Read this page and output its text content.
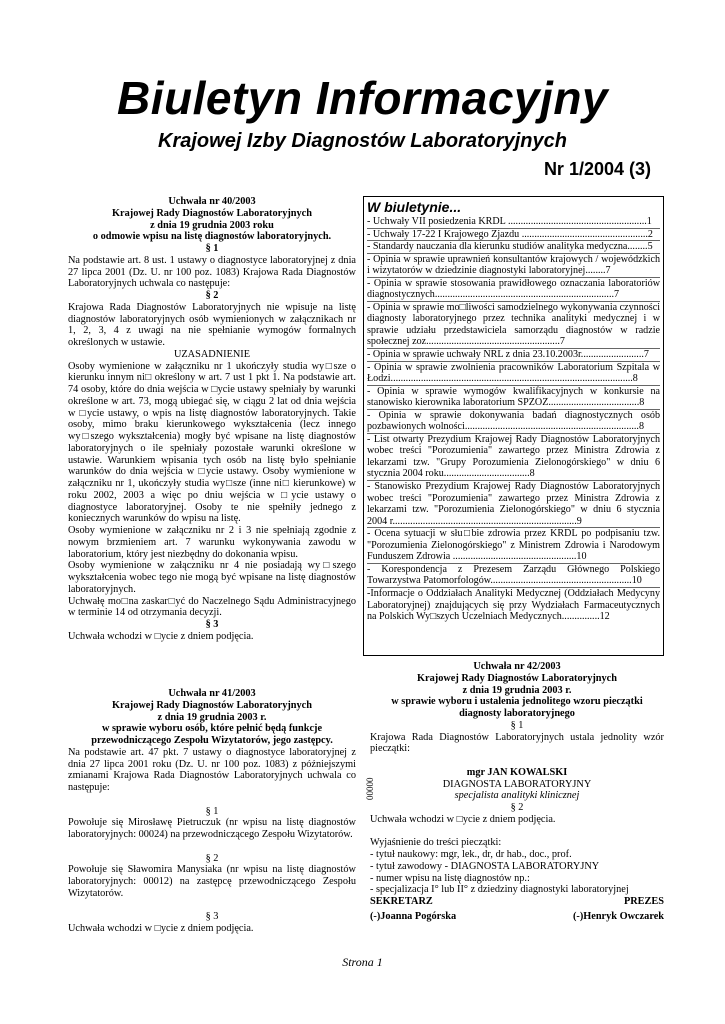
Biuletyn Informacyjny
Krajowej Izby Diagnostów Laboratoryjnych
Nr 1/2004 (3)

Uchwała nr 40/2003

Krajowej Rady Diagnostów Laboratoryjnych

z dnia 19 grudnia 2003 roku

o odmowie wpisu na listę diagnostów laboratoryjnych.

§ 1

Na podstawie art. 8 ust. 1 ustawy o diagnostyce laboratoryjnej z dnia 27 lipca 2001 (Dz. U. nr 100 poz. 1083) Krajowa Rada Diagnostów Laboratoryjnych uchwala co następuje:

§ 2

Krajowa Rada Diagnostów Laboratoryjnych nie wpisuje na listę diagnostów laboratoryjnych osób wymienionych w załącznikach nr 1, 2, 3, 4 z uwagi na nie spełnianie wymogów formalnych określonych w ustawie.

UZASADNIENIE

Osoby wymienione w załączniku nr 1 ukończyły studia wy□sze o kierunku innym ni□ określony w art. 7 ust 1 pkt 1. Na podstawie art. 74 osoby, które do dnia wejścia w □ycie ustawy spełniały by warunki określone w art. 73, mogą ubiegać się, w ciągu 2 lat od dnia wejścia w □ycie ustawy, o wpis na listę diagnostów laboratoryjnych. Takie osoby, mimo braku kierunkowego wykształcenia (lecz innego wy□szego wykształcenia) mogły być wpisane na listę diagnostów laboratoryjnych o ile spełniały pozostałe warunki określone w ustawie. Warunkiem wpisania tych osób na listę było spełnianie warunków do dnia wejścia w □ycie ustawy. Osoby wymienione w załączniku nr 1, ukończyły studia wy□sze (inne ni□ kierunkowe) w roku 2002, 2003 a więc po dniu wejścia w □ycie ustawy o diagnostyce laboratoryjnej. Osoby te nie spełniły jednego z koniecznych warunków do wpisu na listę.

Osoby wymienione w załączniku nr 2 i 3 nie spełniają zgodnie z nowym brzmieniem art. 7 warunku wykonywania zawodu w laboratorium, który jest niezbędny do dokonania wpisu.

Osoby wymienione w załączniku nr 4 nie posiadają wy□szego wykształcenia wobec tego nie mogą być wpisane na listę diagnostów laboratoryjnych.

Uchwałę mo□na zaskar□yć do Naczelnego Sądu Administracyjnego w terminie 14 od otrzymania decyzji.

§ 3

Uchwała wchodzi w □ycie z dniem podjęcia.

Uchwała nr 41/2003

Krajowej Rady Diagnostów Laboratoryjnych

z dnia 19 grudnia 2003 r.

w sprawie wyboru osób, które pełnić będą funkcje

przewodniczącego Zespołu Wizytatorów, jego zastępcy.

Na podstawie art. 47 pkt. 7 ustawy o diagnostyce laboratoryjnej z dnia 27 lipca 2001 roku (Dz. U. nr 100 poz. 1083) z późniejszymi zmianami Krajowa Rada Diagnostów Laboratoryjnych uchwala co następuje:

§ 1

Powołuje się Mirosławę Pietruczuk (nr wpisu na listę diagnostów laboratoryjnych: 00024) na przewodniczącego Zespołu Wizytatorów.

§ 2

Powołuje się Sławomira Manysiaka (nr wpisu na listę diagnostów laboratoryjnych: 00012) na zastępcę przewodniczącego Zespołu Wizytatorów.

§ 3

Uchwała wchodzi w □ycie z dniem podjęcia.

W biuletynie...
- Uchwały VII posiedzenia KRDL .......................................................1
- Uchwały 17-22 I Krajowego Zjazdu ..................................................2
- Standardy nauczania dla kierunku studiów analityka medyczna........5
- Opinia w sprawie uprawnień konsultantów krajowych / wojewódzkich i wizytatorów w dziedzinie diagnostyki laboratoryjnej........7
- Opinia w sprawie stosowania prawidłowego oznaczania laboratoriów diagnostycznych.......................................................................7
- Opinia w sprawie mo□liwości samodzielnego wykonywania czynności diagnosty laboratoryjnego przez technika analityki medycznej i w sprawie udziału przedstawiciela samorządu diagnostów w radzie społecznej zoz.....................................................7
- Opinia w sprawie uchwały NRL z dnia 23.10.2003r.........................7
- Opinia w sprawie zwolnienia pracowników Laboratorium Szpitala w Łodzi................................................................................................8
- Opinia w sprawie wymogów kwalifikacyjnych w konkursie na stanowisko kierownika laboratorium SPZOZ....................................8
- Opinia w sprawie dokonywania badań diagnostycznych osób pozbawionych wolności.....................................................................8
- List otwarty Prezydium Krajowej Rady Diagnostów Laboratoryjnych wobec treści "Porozumienia" zawartego przez Ministra Zdrowia z lekarzami tzw. "Grupy Porozumienia Zielonogórskiego" w dniu 6 stycznia 2004 roku..................................8
- Stanowisko Prezydium Krajowej Rady Diagnostów Laboratoryjnych wobec treści "Porozumienia" zawartego przez Ministra Zdrowia z lekarzami tzw. "Porozumienia Zielonogórskiego" w dniu 6 stycznia 2004 r.........................................................................9
- Ocena sytuacji w słu□bie zdrowia przez KRDL po podpisaniu tzw. "Porozumienia Zielonogórskiego" z Ministrem Zdrowia i Narodowym Funduszem Zdrowia .................................................10
- Korespondencja z Prezesem Zarządu Głównego Polskiego Towarzystwa Patomorfologów........................................................10
-Informacje o Oddziałach Analityki Medycznej (Oddziałach Medycyny Laboratoryjnej) znajdujących się przy Wydziałach Farmaceutycznych na Polskich Wy□szych Uczelniach Medycznych...............12

Uchwała nr 42/2003

Krajowej Rady Diagnostów Laboratoryjnych

z dnia 19 grudnia 2003 r.

w sprawie wyboru i ustalenia jednolitego wzoru pieczątki

diagnosty laboratoryjnego

§ 1

Krajowa Rada Diagnostów Laboratoryjnych ustala jednolity wzór pieczątki:

mgr JAN KOWALSKI

DIAGNOSTA LABORATORYJNY

specjalista analityki klinicznej

§ 2

Uchwała wchodzi w □ycie z dniem podjęcia.

Wyjaśnienie do treści pieczątki:

- tytuł naukowy: mgr, lek., dr, dr hab., doc., prof.

- tytuł zawodowy - DIAGNOSTA LABORATORYJNY

- numer wpisu na listę diagnostów np.:

- specjalizacja I° lub II° z dziedziny diagnostyki laboratoryjnej

SEKRETARZ	PREZES
(-)Joanna Pogórska	(-)Henryk Owczarek
00000
Strona 1
